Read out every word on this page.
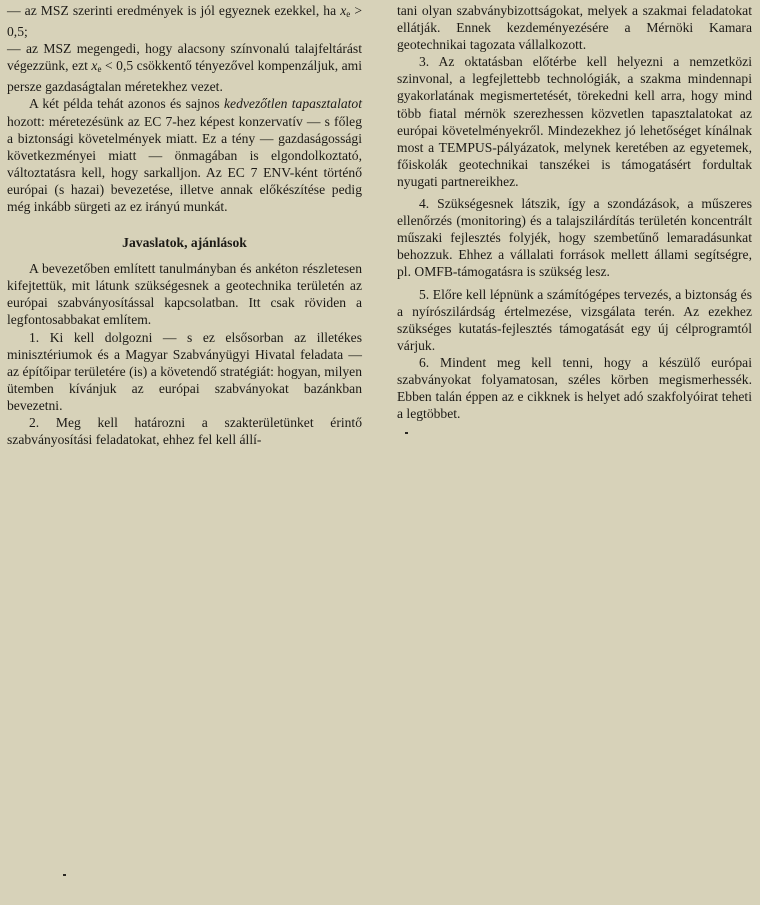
— az MSZ szerinti eredmények is jól egyeznek ezekkel, ha $x_e > 0,5$;

— az MSZ megengedi, hogy alacsony színvonalú talajfeltárást végezzünk, ezt $x_e < 0,5$ csökkentő tényezővel kompenzáljuk, ami persze gazdaságtalan méretekhez vezet.

A két példa tehát azonos és sajnos kedvezőtlen tapasztalatot hozott: méretezésünk az EC 7-hez képest konzervatív — s főleg a biztonsági követelmények miatt. Ez a tény — gazdaságossági következményei miatt — önmagában is elgondolkoztató, változtatásra kell, hogy sarkalljon. Az EC 7 ENV-ként történő európai (s hazai) bevezetése, illetve annak előkészítése pedig még inkább sürgeti az ez irányú munkát.

Javaslatok, ajánlások

A bevezetőben említett tanulmányban és ankéton részletesen kifejtettük, mit látunk szükségesnek a geotechnika területén az európai szabványosítással kapcsolatban. Itt csak röviden a legfontosabbakat említem.

1. Ki kell dolgozni — s ez elsősorban az illetékes minisztériumok és a Magyar Szabványügyi Hivatal feladata — az építőipar területére (is) a követendő stratégiát: hogyan, milyen ütemben kívánjuk az európai szabványokat bazánkban bevezetni.

2. Meg kell határozni a szakterületünket érintő szabványosítási feladatokat, ehhez fel kell állí-

tani olyan szabványbizottságokat, melyek a szakmai feladatokat ellátják. Ennek kezdeményezésére a Mérnöki Kamara geotechnikai tagozata vállalkozott.

3. Az oktatásban előtérbe kell helyezni a nemzetközi szinvonal, a legfejlettebb technológiák, a szakma mindennapi gyakorlatának megismertetését, törekedni kell arra, hogy mind több fiatal mérnök szerezhessen közvetlen tapasztalatokat az európai követelményekről. Mindezekhez jó lehetőséget kínálnak most a TEMPUS-pályázatok, melynek keretében az egyetemek, főiskolák geotechnikai tanszékei is támogatásért fordultak nyugati partnereikhez.

4. Szükségesnek látszik, így a szondázások, a műszeres ellenőrzés (monitoring) és a talajszilárdítás területén koncentrált műszaki fejlesztés folyjék, hogy szembetűnő lemaradásunkat behozzuk. Ehhez a vállalati források mellett állami segítségre, pl. OMFB-támogatásra is szükség lesz.

5. Előre kell lépnünk a számítógépes tervezés, a biztonság és a nyírószilárdság értelmezése, vizsgálata terén. Az ezekhez szükséges kutatás-fejlesztés támogatását egy új célprogramtól várjuk.

6. Mindent meg kell tenni, hogy a készülő európai szabványokat folyamatosan, széles körben megismerhessék. Ebben talán éppen az e cikknek is helyet adó szakfolyóirat teheti a legtöbbet.
